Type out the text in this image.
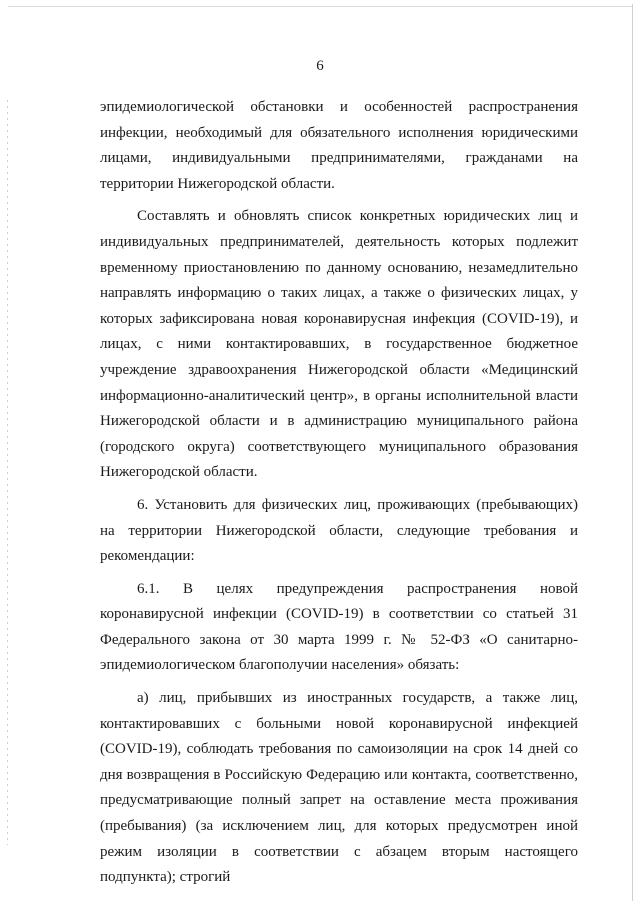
6

эпидемиологической обстановки и особенностей распространения инфекции, необходимый для обязательного исполнения юридическими лицами, индивидуальными предпринимателями, гражданами на территории Нижегородской области.

Составлять и обновлять список конкретных юридических лиц и индивидуальных предпринимателей, деятельность которых подлежит временному приостановлению по данному основанию, незамедлительно направлять информацию о таких лицах, а также о физических лицах, у которых зафиксирована новая коронавирусная инфекция (COVID-19), и лицах, с ними контактировавших, в государственное бюджетное учреждение здравоохранения Нижегородской области «Медицинский информационно-аналитический центр», в органы исполнительной власти Нижегородской области и в администрацию муниципального района (городского округа) соответствующего муниципального образования Нижегородской области.

6. Установить для физических лиц, проживающих (пребывающих) на территории Нижегородской области, следующие требования и рекомендации:

6.1. В целях предупреждения распространения новой коронавирусной инфекции (COVID-19) в соответствии со статьей 31 Федерального закона от 30 марта 1999 г. № 52-ФЗ «О санитарно-эпидемиологическом благополучии населения» обязать:

а) лиц, прибывших из иностранных государств, а также лиц, контактировавших с больными новой коронавирусной инфекцией (COVID-19), соблюдать требования по самоизоляции на срок 14 дней со дня возвращения в Российскую Федерацию или контакта, соответственно, предусматривающие полный запрет на оставление места проживания (пребывания) (за исключением лиц, для которых предусмотрен иной режим изоляции в соответствии с абзацем вторым настоящего подпункта); строгий
